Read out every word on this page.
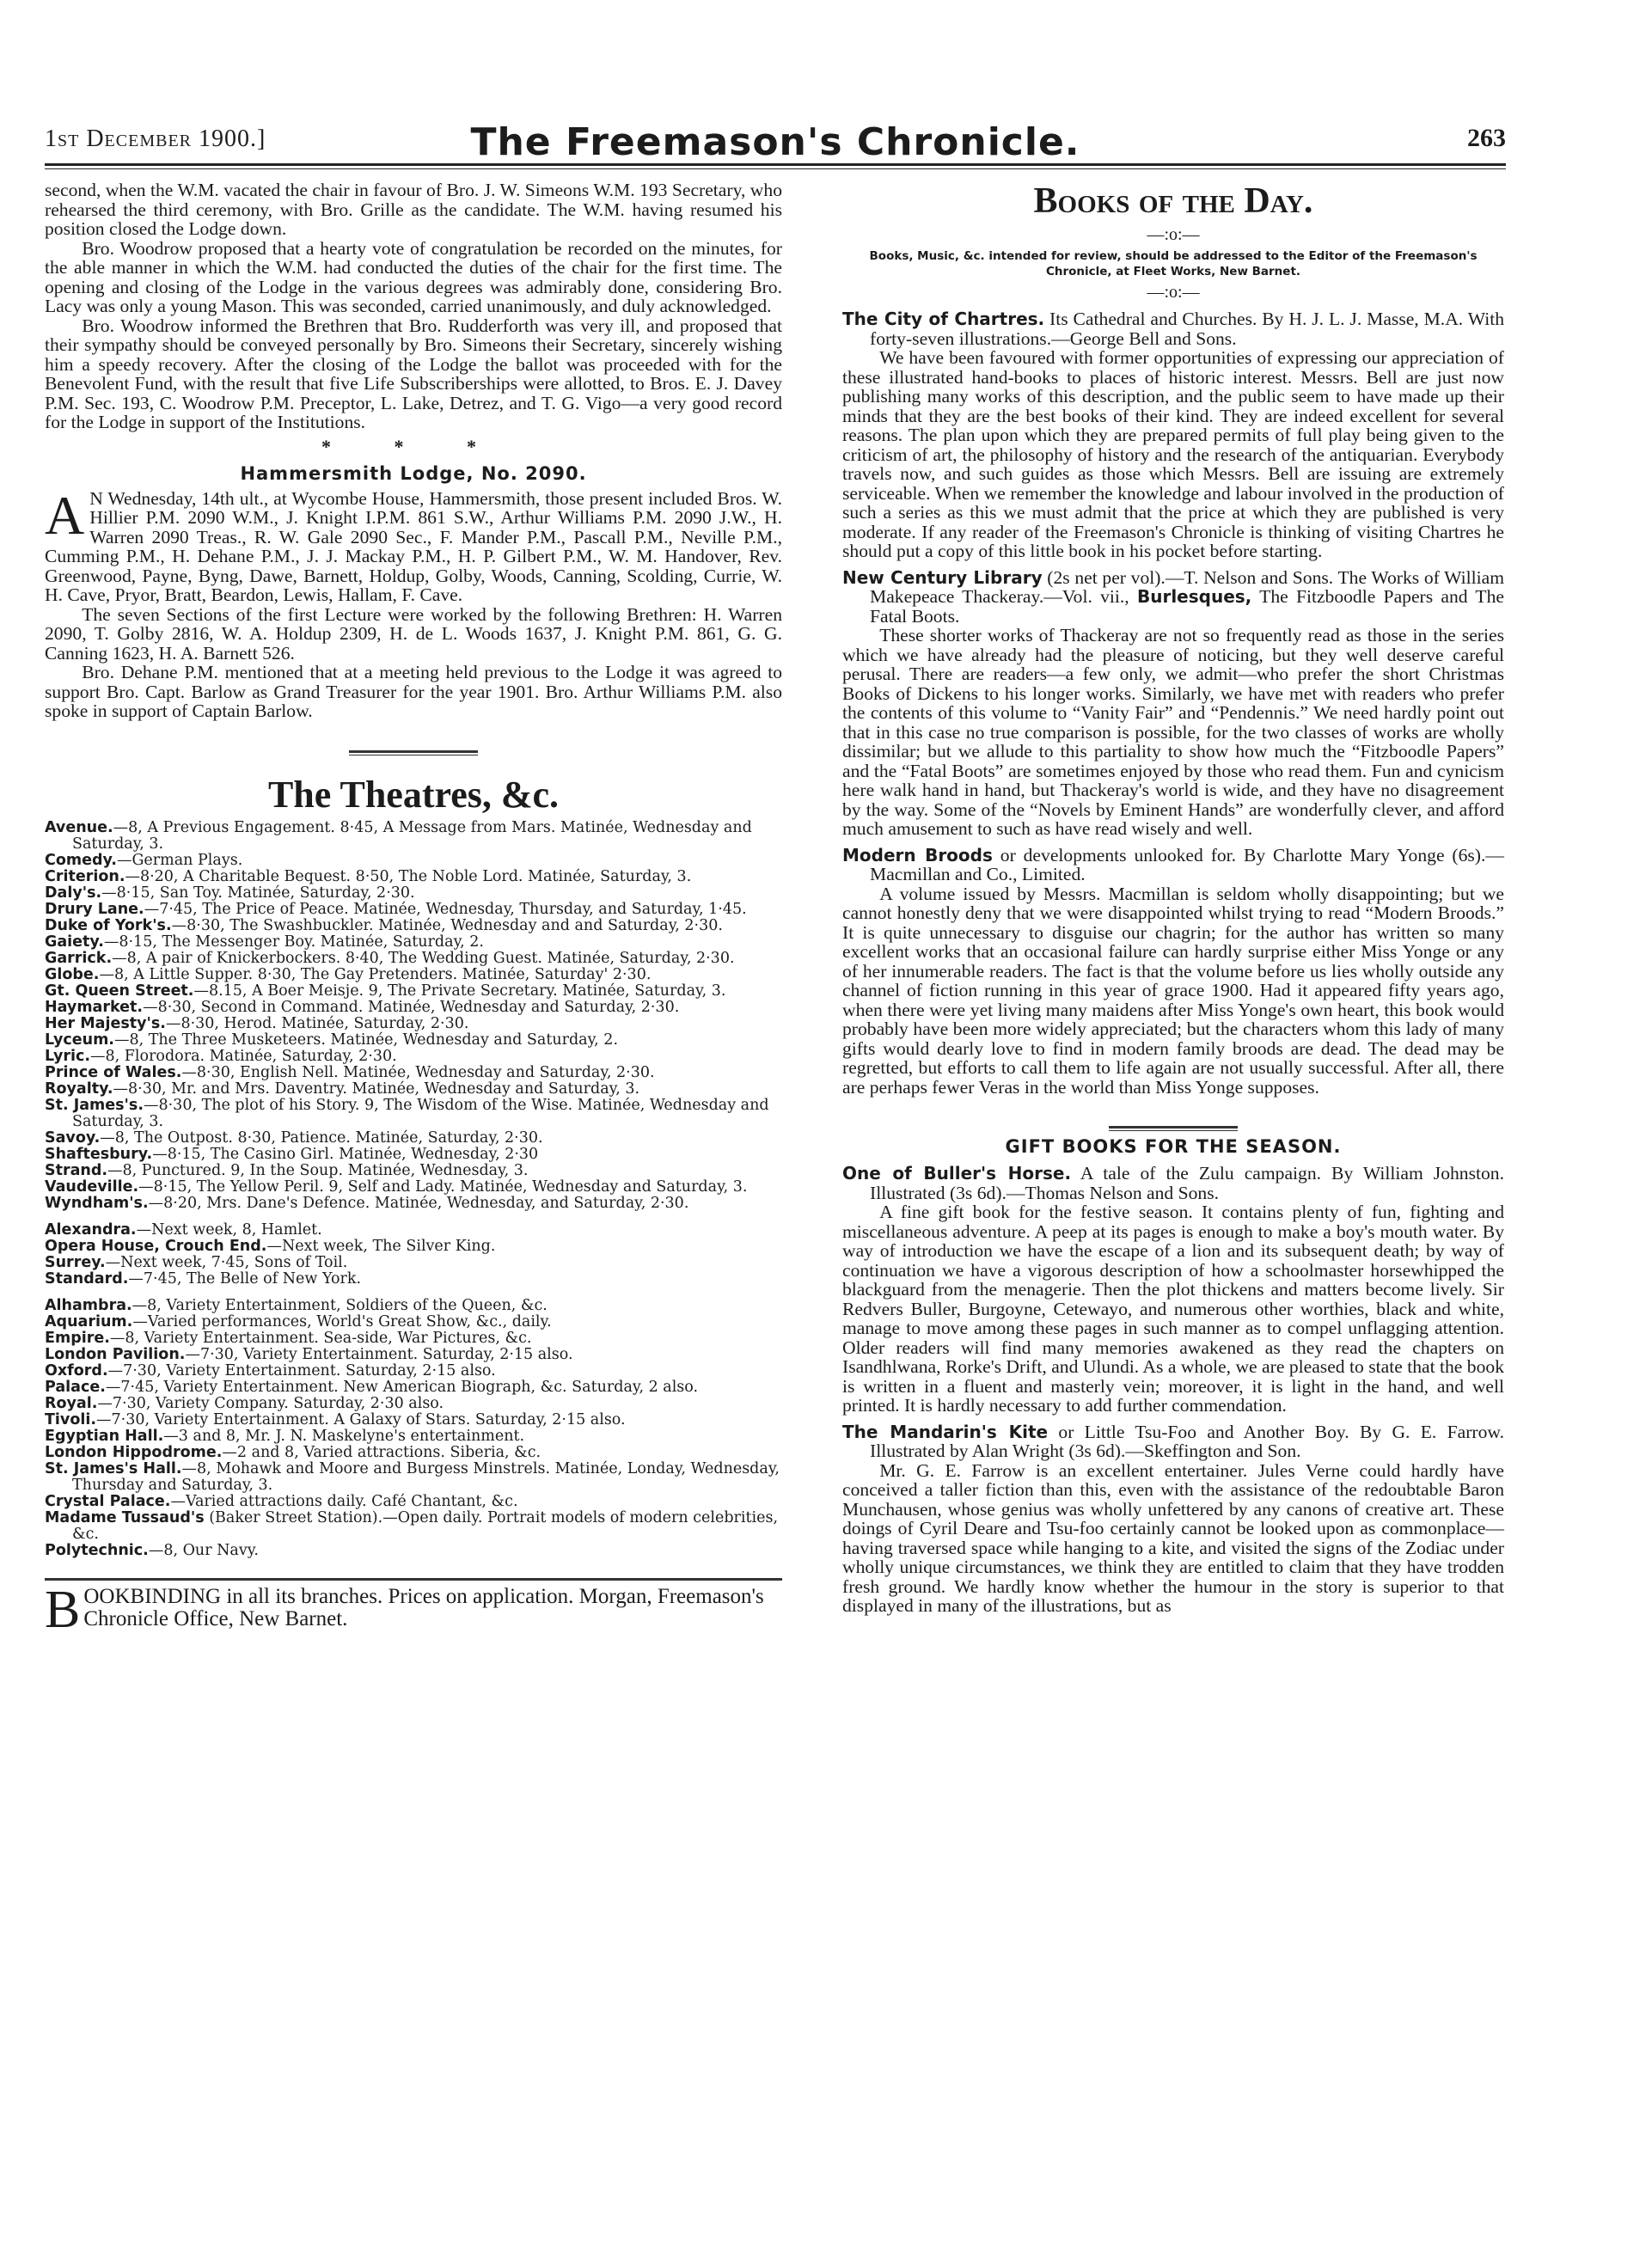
1st December 1900.]	The Freemason's Chronicle.	263

second, when the W.M. vacated the chair in favour of Bro. J. W. Simeons W.M. 193 Secretary, who rehearsed the third ceremony, with Bro. Grille as the candidate. The W.M. having resumed his position closed the Lodge down.

Bro. Woodrow proposed that a hearty vote of congratulation be recorded on the minutes, for the able manner in which the W.M. had conducted the duties of the chair for the first time. The opening and closing of the Lodge in the various degrees was admirably done, considering Bro. Lacy was only a young Mason. This was seconded, carried unanimously, and duly acknowledged.

Bro. Woodrow informed the Brethren that Bro. Rudderforth was very ill, and proposed that their sympathy should be conveyed personally by Bro. Simeons their Secretary, sincerely wishing him a speedy recovery. After the closing of the Lodge the ballot was proceeded with for the Benevolent Fund, with the result that five Life Subscriberships were allotted, to Bros. E. J. Davey P.M. Sec. 193, C. Woodrow P.M. Preceptor, L. Lake, Detrez, and T. G. Vigo—a very good record for the Lodge in support of the Institutions.

* * *
Hammersmith Lodge, No. 2090.

A N Wednesday, 14th ult., at Wycombe House, Hammersmith, those present included Bros. W. Hillier P.M. 2090 W.M., J. Knight I.P.M. 861 S.W., Arthur Williams P.M. 2090 J.W., H. Warren 2090 Treas., R. W. Gale 2090 Sec., F. Mander P.M., Pascall P.M., Neville P.M., Cumming P.M., H. Dehane P.M., J. J. Mackay P.M., H. P. Gilbert P.M., W. M. Handover, Rev. Greenwood, Payne, Byng, Dawe, Barnett, Holdup, Golby, Woods, Canning, Scolding, Currie, W. H. Cave, Pryor, Bratt, Beardon, Lewis, Hallam, F. Cave.

The seven Sections of the first Lecture were worked by the following Brethren: H. Warren 2090, T. Golby 2816, W. A. Holdup 2309, H. de L. Woods 1637, J. Knight P.M. 861, G. G. Canning 1623, H. A. Barnett 526.

Bro. Dehane P.M. mentioned that at a meeting held previous to the Lodge it was agreed to support Bro. Capt. Barlow as Grand Treasurer for the year 1901. Bro. Arthur Williams P.M. also spoke in support of Captain Barlow.

The Theatres, &c.
Avenue.—8, A Previous Engagement. 8·45, A Message from Mars. Matinée, Wednesday and Saturday, 3.
Comedy.—German Plays.
Criterion.—8·20, A Charitable Bequest. 8·50, The Noble Lord. Matinée, Saturday, 3.
Daly's.—8·15, San Toy. Matinée, Saturday, 2·30.
Drury Lane.—7·45, The Price of Peace. Matinée, Wednesday, Thursday, and Saturday, 1·45.
Duke of York's.—8·30, The Swashbuckler. Matinée, Wednesday and and Saturday, 2·30.
Gaiety.—8·15, The Messenger Boy. Matinée, Saturday, 2.
Garrick.—8, A pair of Knickerbockers. 8·40, The Wedding Guest. Matinée, Saturday, 2·30.
Globe.—8, A Little Supper. 8·30, The Gay Pretenders. Matinée, Saturday' 2·30.
Gt. Queen Street.—8.15, A Boer Meisje. 9, The Private Secretary. Matinée, Saturday, 3.
Haymarket.—8·30, Second in Command. Matinée, Wednesday and Saturday, 2·30.
Her Majesty's.—8·30, Herod. Matinée, Saturday, 2·30.
Lyceum.—8, The Three Musketeers. Matinée, Wednesday and Saturday, 2.
Lyric.—8, Florodora. Matinée, Saturday, 2·30.
Prince of Wales.—8·30, English Nell. Matinée, Wednesday and Saturday, 2·30.
Royalty.—8·30, Mr. and Mrs. Daventry. Matinée, Wednesday and Saturday, 3.
St. James's.—8·30, The plot of his Story. 9, The Wisdom of the Wise. Matinée, Wednesday and Saturday, 3.
Savoy.—8, The Outpost. 8·30, Patience. Matinée, Saturday, 2·30.
Shaftesbury.—8·15, The Casino Girl. Matinée, Wednesday, 2·30
Strand.—8, Punctured. 9, In the Soup. Matinée, Wednesday, 3.
Vaudeville.—8·15, The Yellow Peril. 9, Self and Lady. Matinée, Wednesday and Saturday, 3.
Wyndham's.—8·20, Mrs. Dane's Defence. Matinée, Wednesday, and Saturday, 2·30.
Alexandra.—Next week, 8, Hamlet.
Opera House, Crouch End.—Next week, The Silver King.
Surrey.—Next week, 7·45, Sons of Toil.
Standard.—7·45, The Belle of New York.
Alhambra.—8, Variety Entertainment, Soldiers of the Queen, &c.
Aquarium.—Varied performances, World's Great Show, &c., daily.
Empire.—8, Variety Entertainment. Sea-side, War Pictures, &c.
London Pavilion.—7·30, Variety Entertainment. Saturday, 2·15 also.
Oxford.—7·30, Variety Entertainment. Saturday, 2·15 also.
Palace.—7·45, Variety Entertainment. New American Biograph, &c. Saturday, 2 also.
Royal.—7·30, Variety Company. Saturday, 2·30 also.
Tivoli.—7·30, Variety Entertainment. A Galaxy of Stars. Saturday, 2·15 also.
Egyptian Hall.—3 and 8, Mr. J. N. Maskelyne's entertainment.
London Hippodrome.—2 and 8, Varied attractions. Siberia, &c.
St. James's Hall.—8, Mohawk and Moore and Burgess Minstrels. Matinée, Londay, Wednesday, Thursday and Saturday, 3.
Crystal Palace.—Varied attractions daily. Café Chantant, &c.
Madame Tussaud's (Baker Street Station).—Open daily. Portrait models of modern celebrities, &c.
Polytechnic.—8, Our Navy.

BOOKBINDING in all its branches. Prices on application. Morgan, Freemason's Chronicle Office, New Barnet.

Books of the Day.
—:o:—
Books, Music, &c. intended for review, should be addressed to the Editor of the Freemason's Chronicle, at Fleet Works, New Barnet.
—:o:—
The City of Chartres. Its Cathedral and Churches. By H. J. L. J. Masse, M.A. With forty-seven illustrations.—George Bell and Sons.

We have been favoured with former opportunities of expressing our appreciation of these illustrated hand-books to places of historic interest. Messrs. Bell are just now publishing many works of this description, and the public seem to have made up their minds that they are the best books of their kind. They are indeed excellent for several reasons. The plan upon which they are prepared permits of full play being given to the criticism of art, the philosophy of history and the research of the antiquarian. Everybody travels now, and such guides as those which Messrs. Bell are issuing are extremely serviceable. When we remember the knowledge and labour involved in the production of such a series as this we must admit that the price at which they are published is very moderate. If any reader of the Freemason's Chronicle is thinking of visiting Chartres he should put a copy of this little book in his pocket before starting.

New Century Library (2s net per vol).—T. Nelson and Sons. The Works of William Makepeace Thackeray.—Vol. vii., Burlesques, The Fitzboodle Papers and The Fatal Boots.

These shorter works of Thackeray are not so frequently read as those in the series which we have already had the pleasure of noticing, but they well deserve careful perusal. There are readers—a few only, we admit—who prefer the short Christmas Books of Dickens to his longer works. Similarly, we have met with readers who prefer the contents of this volume to “Vanity Fair” and “Pendennis.” We need hardly point out that in this case no true comparison is possible, for the two classes of works are wholly dissimilar; but we allude to this partiality to show how much the “Fitzboodle Papers” and the “Fatal Boots” are sometimes enjoyed by those who read them. Fun and cynicism here walk hand in hand, but Thackeray's world is wide, and they have no disagreement by the way. Some of the “Novels by Eminent Hands” are wonderfully clever, and afford much amusement to such as have read wisely and well.

Modern Broods or developments unlooked for. By Charlotte Mary Yonge (6s).—Macmillan and Co., Limited.

A volume issued by Messrs. Macmillan is seldom wholly disappointing; but we cannot honestly deny that we were disappointed whilst trying to read “Modern Broods.” It is quite unnecessary to disguise our chagrin; for the author has written so many excellent works that an occasional failure can hardly surprise either Miss Yonge or any of her innumerable readers. The fact is that the volume before us lies wholly outside any channel of fiction running in this year of grace 1900. Had it appeared fifty years ago, when there were yet living many maidens after Miss Yonge's own heart, this book would probably have been more widely appreciated; but the characters whom this lady of many gifts would dearly love to find in modern family broods are dead. The dead may be regretted, but efforts to call them to life again are not usually successful. After all, there are perhaps fewer Veras in the world than Miss Yonge supposes.

GIFT BOOKS FOR THE SEASON.
One of Buller's Horse. A tale of the Zulu campaign. By William Johnston. Illustrated (3s 6d).—Thomas Nelson and Sons.

A fine gift book for the festive season. It contains plenty of fun, fighting and miscellaneous adventure. A peep at its pages is enough to make a boy's mouth water. By way of introduction we have the escape of a lion and its subsequent death; by way of continuation we have a vigorous description of how a schoolmaster horsewhipped the blackguard from the menagerie. Then the plot thickens and matters become lively. Sir Redvers Buller, Burgoyne, Cetewayo, and numerous other worthies, black and white, manage to move among these pages in such manner as to compel unflagging attention. Older readers will find many memories awakened as they read the chapters on Isandhlwana, Rorke's Drift, and Ulundi. As a whole, we are pleased to state that the book is written in a fluent and masterly vein; moreover, it is light in the hand, and well printed. It is hardly necessary to add further commendation.

The Mandarin's Kite or Little Tsu-Foo and Another Boy. By G. E. Farrow. Illustrated by Alan Wright (3s 6d).—Skeffington and Son.

Mr. G. E. Farrow is an excellent entertainer. Jules Verne could hardly have conceived a taller fiction than this, even with the assistance of the redoubtable Baron Munchausen, whose genius was wholly unfettered by any canons of creative art. These doings of Cyril Deare and Tsu-foo certainly cannot be looked upon as commonplace—having traversed space while hanging to a kite, and visited the signs of the Zodiac under wholly unique circumstances, we think they are entitled to claim that they have trodden fresh ground. We hardly know whether the humour in the story is superior to that displayed in many of the illustrations, but as
